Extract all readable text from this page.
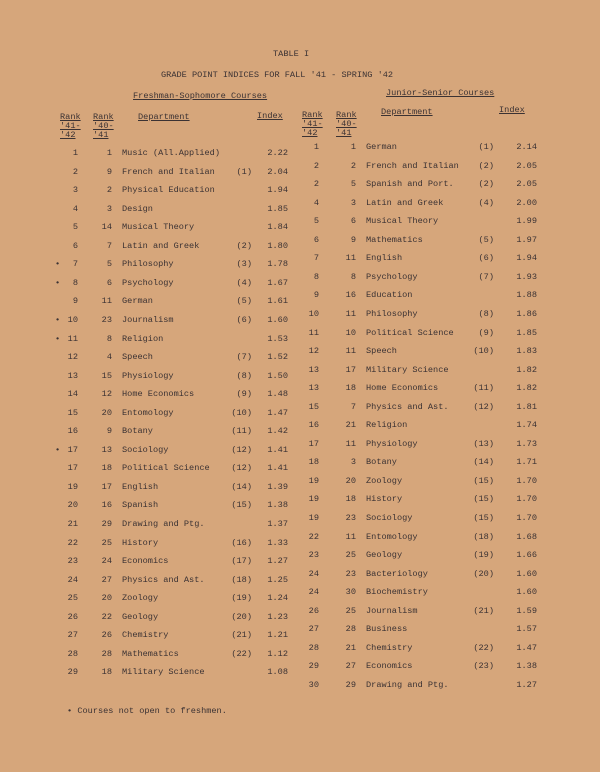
TABLE I
GRADE POINT INDICES FOR FALL '41 - SPRING '42
Freshman-Sophomore Courses	Junior-Senior Courses
Rank
'41-
'42
Rank
'40-
'41
Department	Index Rank
'41-
'42
Rank
'40-
'41
Department	Index
1	1 Music (All.Applied)	2.22
2	9 French and Italian	(1)	2.04
3	2 Physical Education	1.94
4	3 Design	1.85
5	14 Musical Theory	1.84
6	7 Latin and Greek	(2)	1.80
•	7	5 Philosophy	(3)	1.78
•	8	6 Psychology	(4)	1.67
9	11 German	(5)	1.61
• 10	23 Journalism	(6)	1.60
• 11	8 Religion	1.53
12	4 Speech	(7)	1.52
13	15 Physiology	(8)	1.50
14	12 Home Economics	(9)	1.48
15	20 Entomology	(10)	1.47
16	9 Botany	(11)	1.42
• 17	13 Sociology	(12)	1.41
17	18 Political Science	(12)	1.41
19	17 English	(14)	1.39
20	16 Spanish	(15)	1.38
21	29 Drawing and Ptg.	1.37
22	25 History	(16)	1.33
23	24 Economics	(17)	1.27
24	27 Physics and Ast.	(18)	1.25
25	20 Zoology	(19)	1.24
26	22 Geology	(20)	1.23
27	26 Chemistry	(21)	1.21
28	28 Mathematics	(22)	1.12
29	18 Military Science	1.08
1	1 German	(1)	2.14
2	2 French and Italian	(2)	2.05
2	5 Spanish and Port.	(2)	2.05
4	3 Latin and Greek	(4)	2.00
5	6 Musical Theory	1.99
6	9 Mathematics	(5)	1.97
7	11 English	(6)	1.94
8	8 Psychology	(7)	1.93
9	16 Education	1.88
10	11 Philosophy	(8)	1.86
11	10 Political Science	(9)	1.85
12	11 Speech	(10)	1.83
13	17 Military Science	1.82
13	18 Home Economics	(11)	1.82
15	7 Physics and Ast.	(12)	1.81
16	21 Religion	1.74
17	11 Physiology	(13)	1.73
18	3 Botany	(14)	1.71
19	20 Zoology	(15)	1.70
19	18 History	(15)	1.70
19	23 Sociology	(15)	1.70
22	11 Entomology	(18)	1.68
23	25 Geology	(19)	1.66
24	23 Bacteriology	(20)	1.60
24	30 Biochemistry	1.60
26	25 Journalism	(21)	1.59
27	28 Business	1.57
28	21 Chemistry	(22)	1.47
29	27 Economics	(23)	1.38
30	29 Drawing and Ptg.	1.27
• Courses not open to freshmen.
